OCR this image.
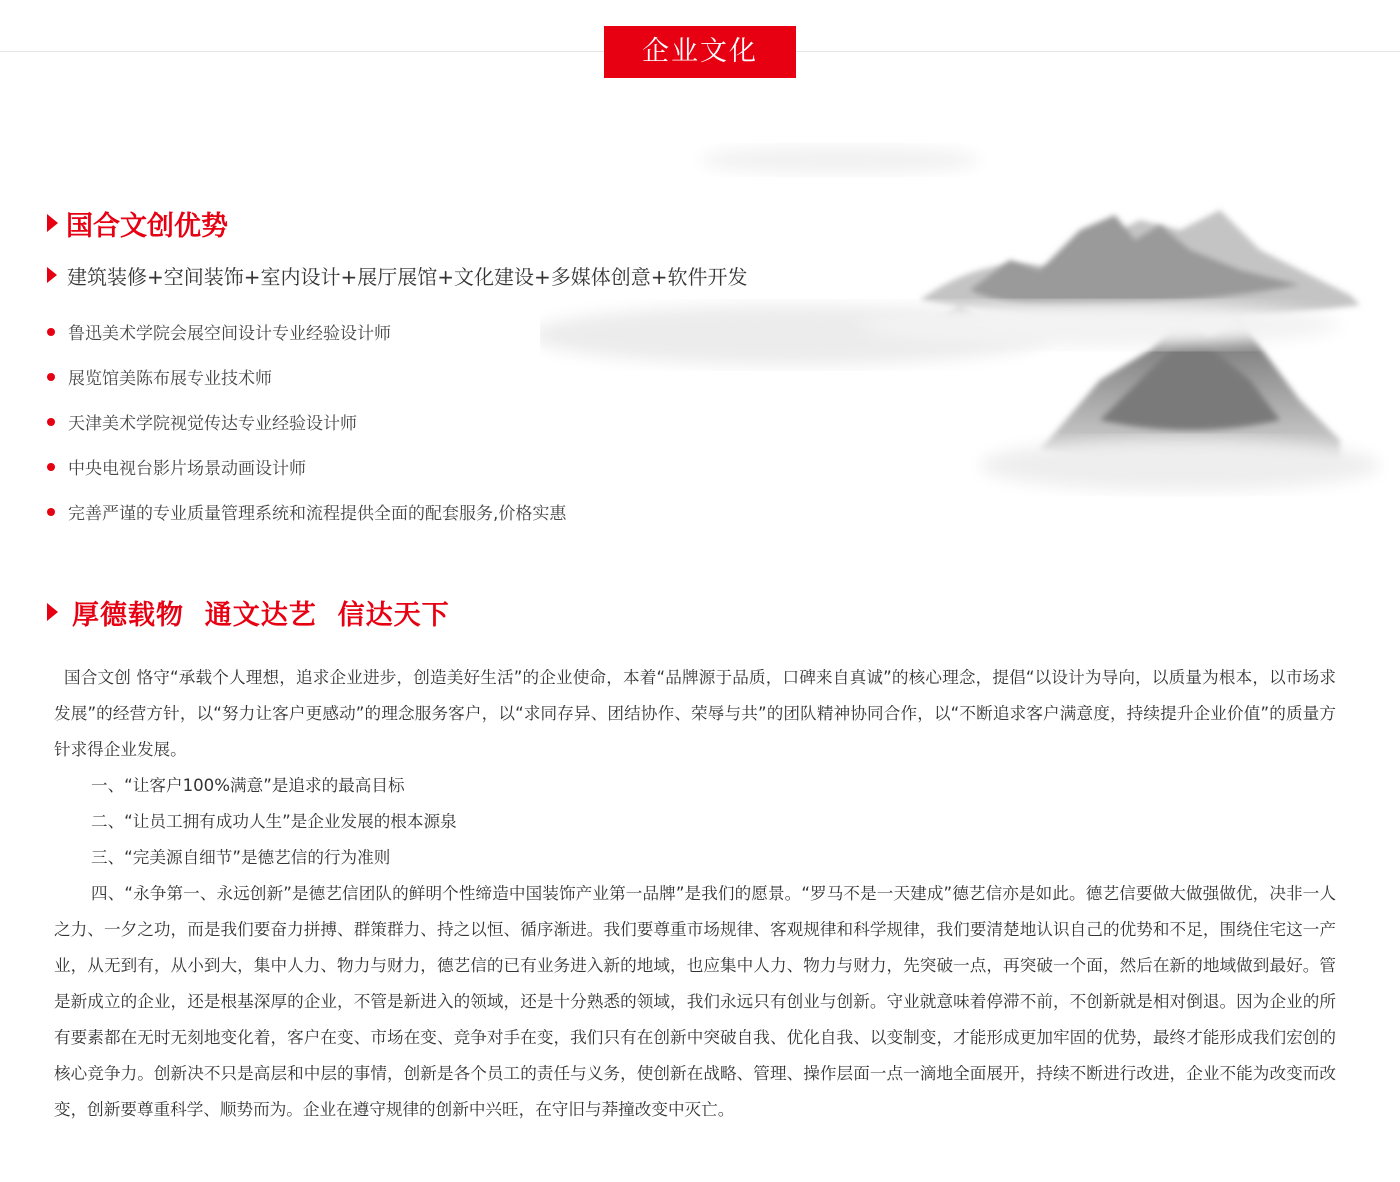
企业文化
国合文创优势
建筑装修+空间装饰+室内设计+展厅展馆+文化建设+多媒体创意+软件开发
鲁迅美术学院会展空间设计专业经验设计师
展览馆美陈布展专业技术师
天津美术学院视觉传达专业经验设计师
中央电视台影片场景动画设计师
完善严谨的专业质量管理系统和流程提供全面的配套服务,价格实惠
厚德载物  通文达艺  信达天下

国合文创 恪守“承载个人理想，追求企业进步，创造美好生活”的企业使命，本着“品牌源于品质，口碑来自真诚”的核心理念，提倡“以设计为导向，以质量为根本，以市场求发展”的经营方针，以“努力让客户更感动”的理念服务客户，以“求同存异、团结协作、荣辱与共”的团队精神协同合作，以“不断追求客户满意度，持续提升企业价值”的质量方针求得企业发展。

一、“让客户100%满意”是追求的最高目标

二、“让员工拥有成功人生”是企业发展的根本源泉

三、“完美源自细节”是德艺信的行为准则

四、“永争第一、永远创新”是德艺信团队的鲜明个性缔造中国装饰产业第一品牌”是我们的愿景。“罗马不是一天建成”德艺信亦是如此。德艺信要做大做强做优，决非一人之力、一夕之功，而是我们要奋力拼搏、群策群力、持之以恒、循序渐进。我们要尊重市场规律、客观规律和科学规律，我们要清楚地认识自己的优势和不足，围绕住宅这一产业，从无到有，从小到大，集中人力、物力与财力，德艺信的已有业务进入新的地域，也应集中人力、物力与财力，先突破一点，再突破一个面，然后在新的地域做到最好。管是新成立的企业，还是根基深厚的企业，不管是新进入的领域，还是十分熟悉的领域，我们永远只有创业与创新。守业就意味着停滞不前，不创新就是相对倒退。因为企业的所有要素都在无时无刻地变化着，客户在变、市场在变、竞争对手在变，我们只有在创新中突破自我、优化自我、以变制变，才能形成更加牢固的优势，最终才能形成我们宏创的核心竞争力。创新决不只是高层和中层的事情，创新是各个员工的责任与义务，使创新在战略、管理、操作层面一点一滴地全面展开，持续不断进行改进，企业不能为改变而改变，创新要尊重科学、顺势而为。企业在遵守规律的创新中兴旺，在守旧与莽撞改变中灭亡。
